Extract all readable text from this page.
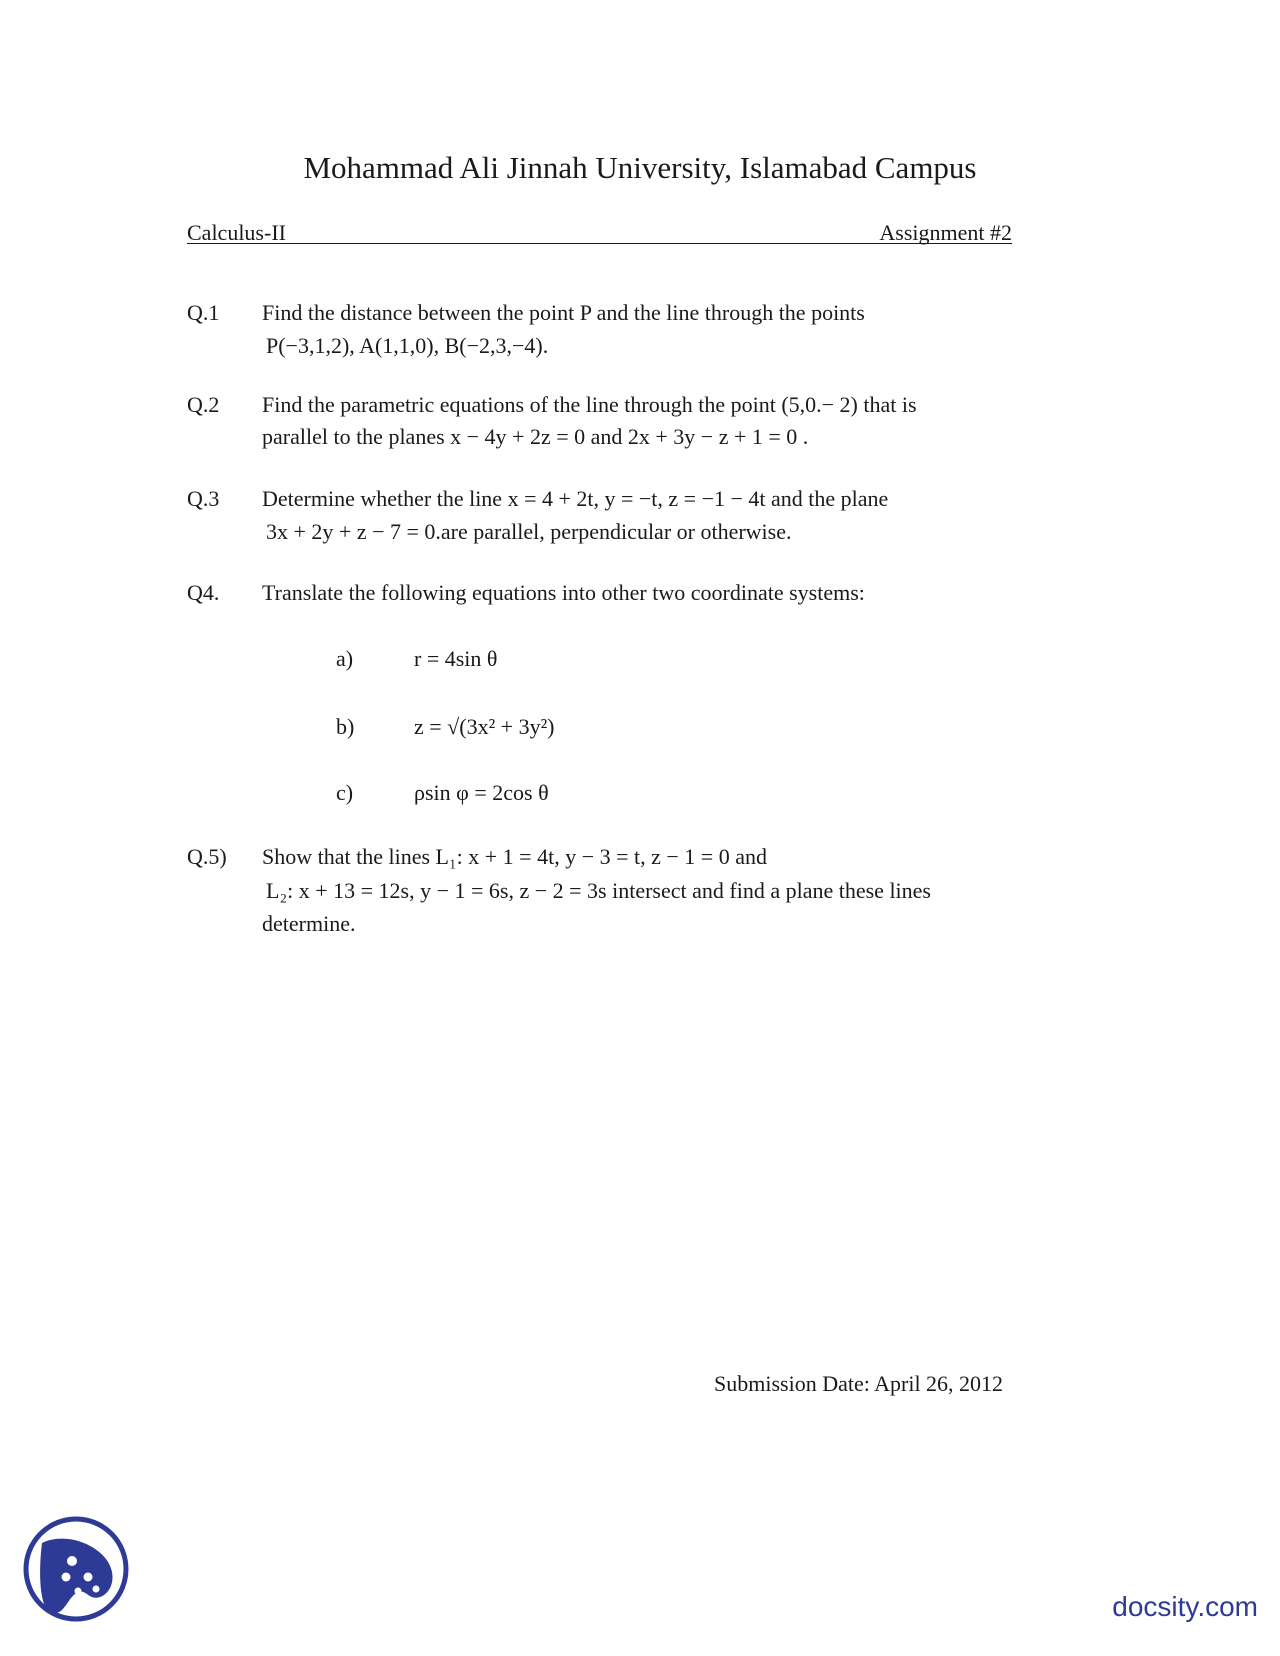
Mohammad Ali Jinnah University, Islamabad Campus
Calculus-II	Assignment #2
Q.1 Find the distance between the point P and the line through the points
P(−3,1,2), A(1,1,0), B(−2,3,−4).
Q.2 Find the parametric equations of the line through the point (5,0.− 2) that is
parallel to the planes x − 4y + 2z = 0 and 2x + 3y − z + 1 = 0 .
Q.3 Determine whether the line x = 4 + 2t, y = −t, z = −1 − 4t and the plane
3x + 2y + z − 7 = 0.are parallel, perpendicular or otherwise.
Q4. Translate the following equations into other two coordinate systems:
a)	r = 4sin θ
b)	z = √(3x² + 3y²)
c)	ρsin φ = 2cos θ
Q.5) Show that the lines L₁: x + 1 = 4t, y − 3 = t, z − 1 = 0 and
L₂: x + 13 = 12s, y − 1 = 6s, z − 2 = 3s intersect and find a plane these lines
determine.
Submission Date: April 26, 2012
docsity.com
